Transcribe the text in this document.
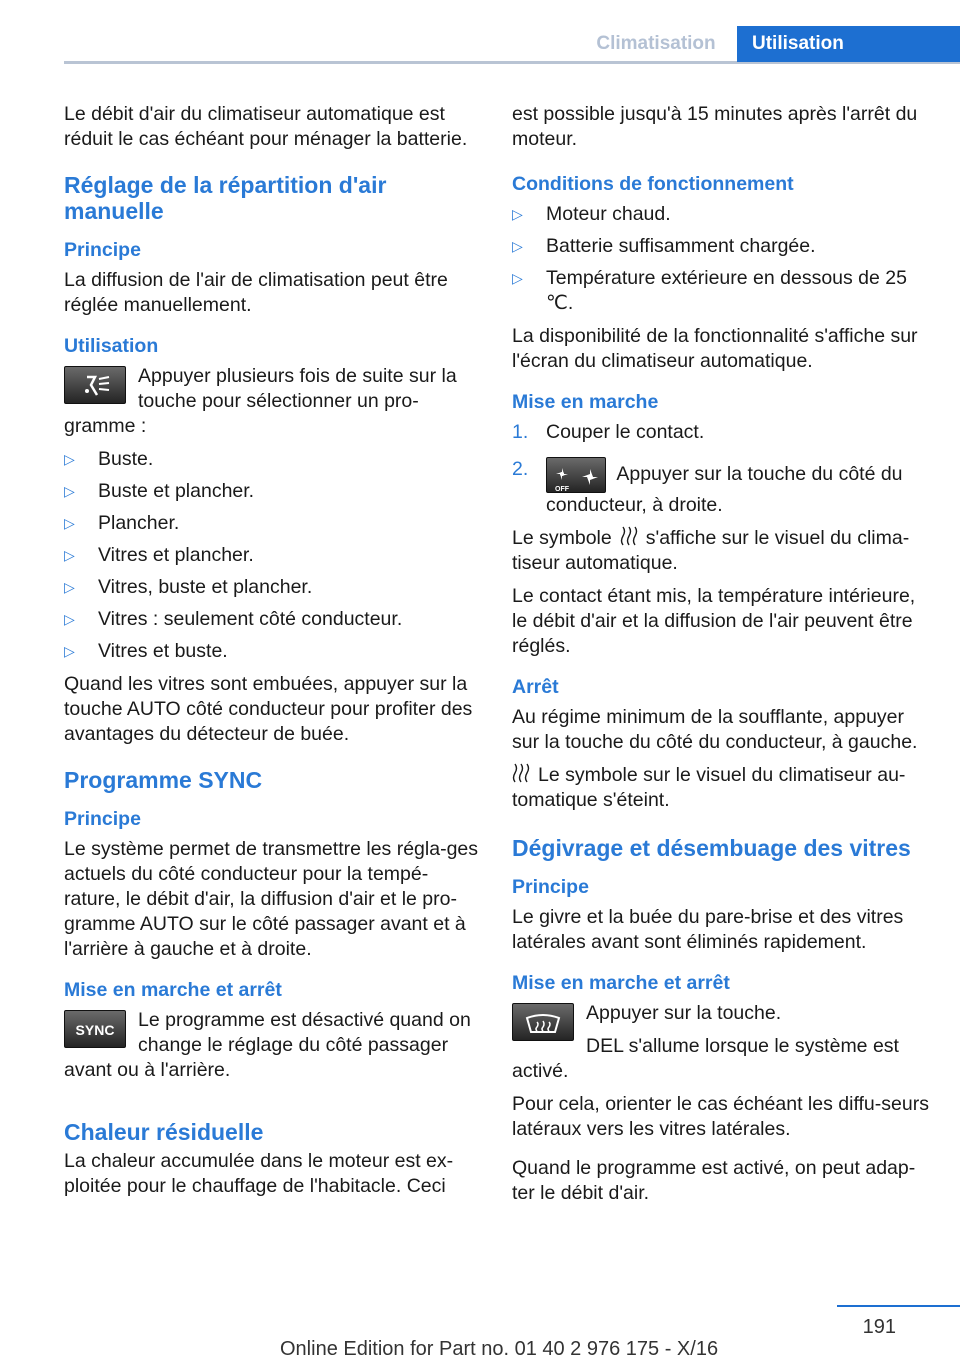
Climatisation	Utilisation

Le débit d'air du climatiseur automatique est réduit le cas échéant pour ménager la batterie.

Réglage de la répartition d'air manuelle
Principe

La diffusion de l'air de climatisation peut être réglée manuellement.

Utilisation

Appuyer plusieurs fois de suite sur la touche pour sélectionner un pro‐gramme :

▷ Buste.
▷ Buste et plancher.
▷ Plancher.
▷ Vitres et plancher.
▷ Vitres, buste et plancher.
▷ Vitres : seulement côté conducteur.
▷ Vitres et buste.

Quand les vitres sont embuées, appuyer sur la touche AUTO côté conducteur pour profiter des avantages du détecteur de buée.

Programme SYNC
Principe

Le système permet de transmettre les régla‐ges actuels du côté conducteur pour la tempé‐rature, le débit d'air, la diffusion d'air et le pro‐gramme AUTO sur le côté passager avant et à l'arrière à gauche et à droite.

Mise en marche et arrêt
SYNC	Le programme est désactivé quand on change le réglage du côté passager avant ou à l'arrière.

Chaleur résiduelle

La chaleur accumulée dans le moteur est ex‐ploitée pour le chauffage de l'habitacle. Ceci

est possible jusqu'à 15 minutes après l'arrêt du moteur.

Conditions de fonctionnement
▷ Moteur chaud.
▷ Batterie suffisamment chargée.
▷ Température extérieure en dessous de 25 ℃.

La disponibilité de la fonctionnalité s'affiche sur l'écran du climatiseur automatique.

Mise en marche
1. Couper le contact.
2.
OFF
Appuyer sur la touche du côté du conducteur, à droite.

Le symbole s'affiche sur le visuel du clima‐tiseur automatique.

Le contact étant mis, la température intérieure, le débit d'air et la diffusion de l'air peuvent être réglés.

Arrêt

Au régime minimum de la soufflante, appuyer sur la touche du côté du conducteur, à gauche.

Le symbole sur le visuel du climatiseur au‐tomatique s'éteint.

Dégivrage et désembuage des vitres
Principe

Le givre et la buée du pare-brise et des vitres latérales avant sont éliminés rapidement.

Mise en marche et arrêt

Appuyer sur la touche.

DEL s'allume lorsque le système est activé.

Pour cela, orienter le cas échéant les diffu‐seurs latéraux vers les vitres latérales.

Quand le programme est activé, on peut adap‐ter le débit d'air.

191
Online Edition for Part no. 01 40 2 976 175 - X/16
